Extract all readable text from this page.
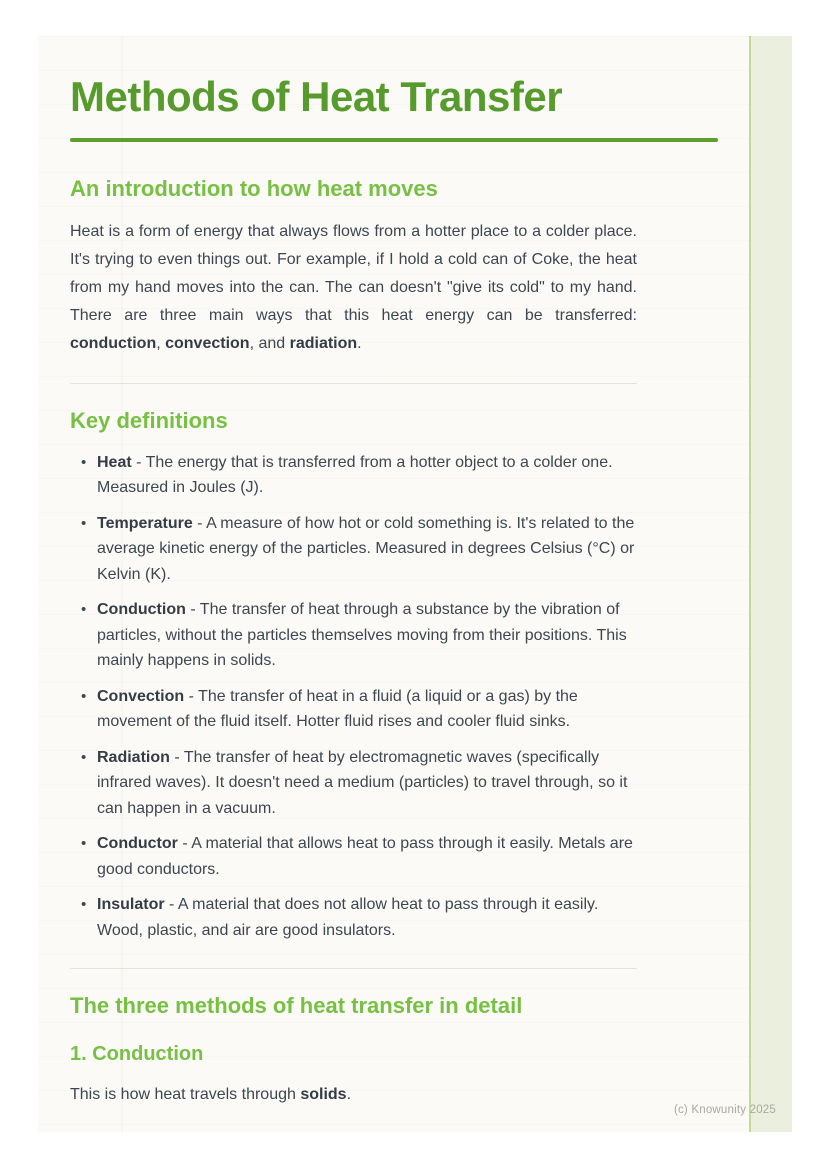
Methods of Heat Transfer
An introduction to how heat moves

Heat is a form of energy that always flows from a hotter place to a colder place. It's trying to even things out. For example, if I hold a cold can of Coke, the heat from my hand moves into the can. The can doesn't "give its cold" to my hand. There are three main ways that this heat energy can be transferred: conduction, convection, and radiation.

Key definitions
• Heat - The energy that is transferred from a hotter object to a colder one. Measured in Joules (J).
• Temperature - A measure of how hot or cold something is. It's related to the average kinetic energy of the particles. Measured in degrees Celsius (°C) or Kelvin (K).
• Conduction - The transfer of heat through a substance by the vibration of particles, without the particles themselves moving from their positions. This mainly happens in solids.
• Convection - The transfer of heat in a fluid (a liquid or a gas) by the movement of the fluid itself. Hotter fluid rises and cooler fluid sinks.
• Radiation - The transfer of heat by electromagnetic waves (specifically infrared waves). It doesn't need a medium (particles) to travel through, so it can happen in a vacuum.
• Conductor - A material that allows heat to pass through it easily. Metals are good conductors.
• Insulator - A material that does not allow heat to pass through it easily. Wood, plastic, and air are good insulators.
The three methods of heat transfer in detail
1. Conduction

This is how heat travels through solids.

(c) Knowunity 2025
